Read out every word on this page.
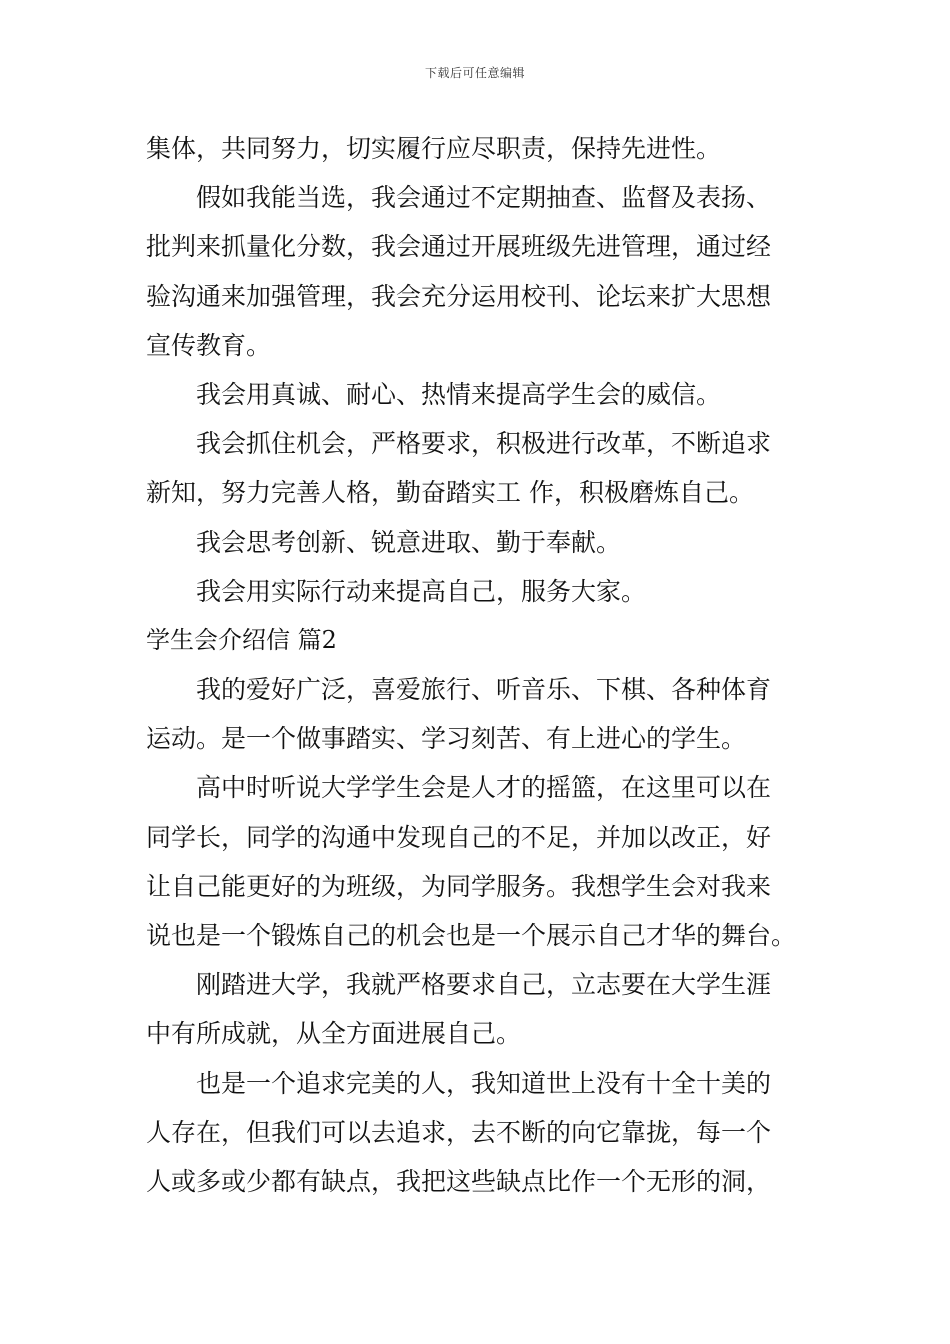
下载后可任意编辑
集体，共同努力，切实履行应尽职责，保持先进性。
假如我能当选，我会通过不定期抽查、监督及表扬、
批判来抓量化分数，我会通过开展班级先进管理，通过经
验沟通来加强管理，我会充分运用校刊、论坛来扩大思想
宣传教育。
我会用真诚、耐心、热情来提高学生会的威信。
我会抓住机会，严格要求，积极进行改革，不断追求
新知，努力完善人格，勤奋踏实工 作，积极磨炼自己。
我会思考创新、锐意进取、勤于奉献。
我会用实际行动来提高自己，服务大家。
学生会介绍信 篇2
我的爱好广泛，喜爱旅行、听音乐、下棋、各种体育
运动。是一个做事踏实、学习刻苦、有上进心的学生。
高中时听说大学学生会是人才的摇篮，在这里可以在
同学长，同学的沟通中发现自己的不足，并加以改正，好
让自己能更好的为班级，为同学服务。我想学生会对我来
说也是一个锻炼自己的机会也是一个展示自己才华的舞台。
刚踏进大学，我就严格要求自己，立志要在大学生涯
中有所成就，从全方面进展自己。
也是一个追求完美的人，我知道世上没有十全十美的
人存在，但我们可以去追求，去不断的向它靠拢，每一个
人或多或少都有缺点，我把这些缺点比作一个无形的洞，
